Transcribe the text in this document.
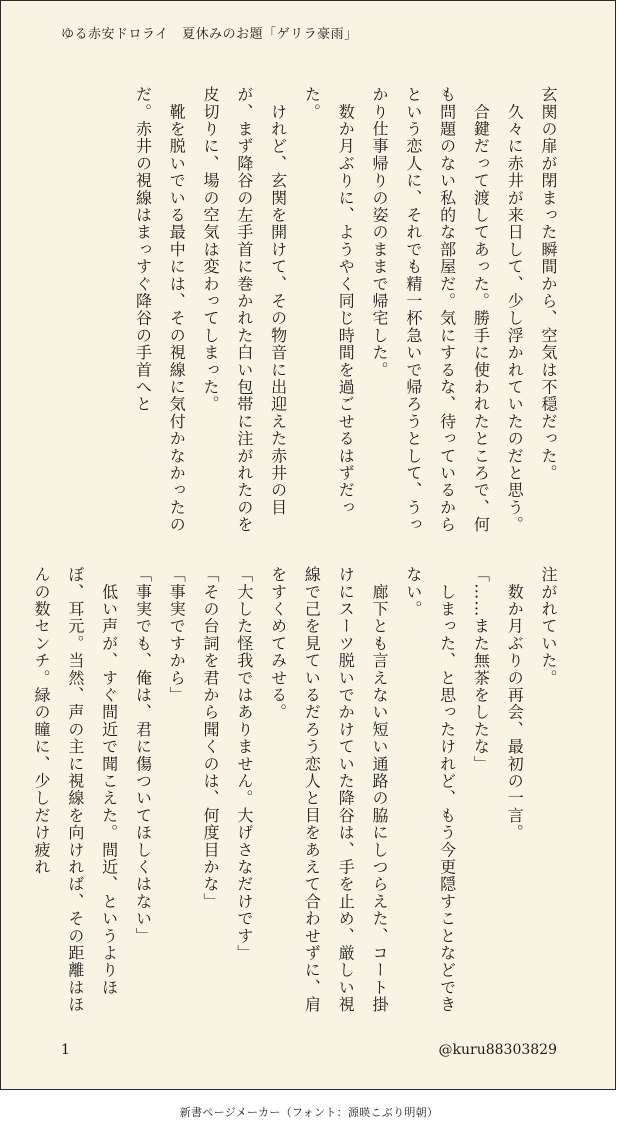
ゆる赤安ドロライ　夏休みのお題「ゲリラ豪雨」

玄関の扉が閉まった瞬間から、空気は不穏だった。

　久々に赤井が来日して、少し浮かれていたのだと思う。

　合鍵だって渡してあった。勝手に使われたところで、何も問題のない私的な部屋だ。気にするな、待っているからという恋人に、それでも精一杯急いで帰ろうとして、うっかり仕事帰りの姿のままで帰宅した。

　数か月ぶりに、ようやく同じ時間を過ごせるはずだった。

　けれど、玄関を開けて、その物音に出迎えた赤井の目が、まず降谷の左手首に巻かれた白い包帯に注がれたのを皮切りに、場の空気は変わってしまった。

　靴を脱いでいる最中には、その視線に気付かなかったのだ。赤井の視線はまっすぐ降谷の手首へと

注がれていた。

　数か月ぶりの再会、最初の一言。

「……また無茶をしたな」

　しまった、と思ったけれど、もう今更隠すことなどできない。

　廊下とも言えない短い通路の脇にしつらえた、コート掛けにスーツ脱いでかけていた降谷は、手を止め、厳しい視線で己を見ているだろう恋人と目をあえて合わせずに、肩をすくめてみせる。

「大した怪我ではありません。大げさなだけです」

「その台詞を君から聞くのは、何度目かな」

「事実ですから」

「事実でも、俺は、君に傷ついてほしくはない」

　低い声が、すぐ間近で聞こえた。間近、というよりほぼ、耳元。当然、声の主に視線を向ければ、その距離はほんの数センチ。緑の瞳に、少しだけ疲れ

1	@kuru88303829
新書ページメーカー（フォント：源暎こぶり明朝）
